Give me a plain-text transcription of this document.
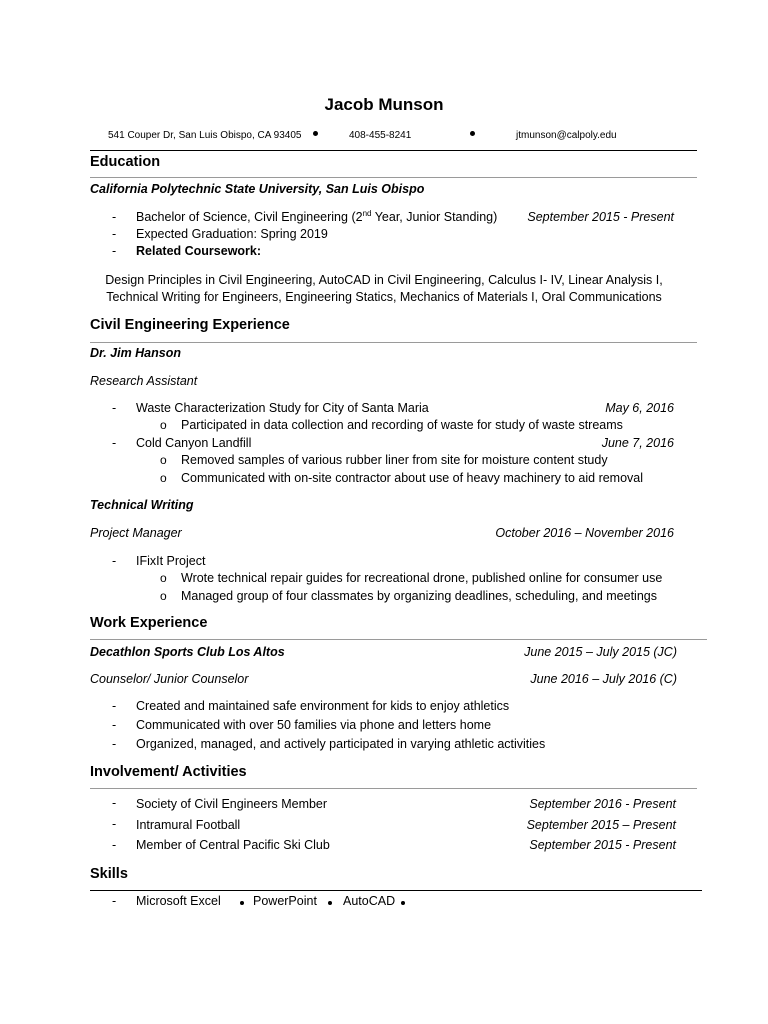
Jacob Munson
541 Couper Dr, San Luis Obispo, CA 93405	408-455-8241	jtmunson@calpoly.edu
Education
California Polytechnic State University, San Luis Obispo
- Bachelor of Science, Civil Engineering (2nd Year, Junior Standing) September 2015 - Present
- Expected Graduation: Spring 2019
- Related Coursework:
Design Principles in Civil Engineering, AutoCAD in Civil Engineering, Calculus I- IV, Linear Analysis I,
Technical Writing for Engineers, Engineering Statics, Mechanics of Materials I, Oral Communications
Civil Engineering Experience
Dr. Jim Hanson
Research Assistant
- Waste Characterization Study for City of Santa Maria	May 6, 2016
o Participated in data collection and recording of waste for study of waste streams
- Cold Canyon Landfill	June 7, 2016
o Removed samples of various rubber liner from site for moisture content study
o Communicated with on-site contractor about use of heavy machinery to aid removal
Technical Writing
Project Manager	October 2016 – November 2016
- IFixIt Project
o Wrote technical repair guides for recreational drone, published online for consumer use
o Managed group of four classmates by organizing deadlines, scheduling, and meetings
Work Experience
Decathlon Sports Club Los Altos	June 2015 – July 2015 (JC)
Counselor/ Junior Counselor	June 2016 – July 2016 (C)
- Created and maintained safe environment for kids to enjoy athletics
- Communicated with over 50 families via phone and letters home
- Organized, managed, and actively participated in varying athletic activities
Involvement/ Activities
- Society of Civil Engineers Member	September 2016 - Present
- Intramural Football	September 2015 – Present
- Member of Central Pacific Ski Club	September 2015 - Present
Skills
- Microsoft Excel	PowerPoint AutoCAD
